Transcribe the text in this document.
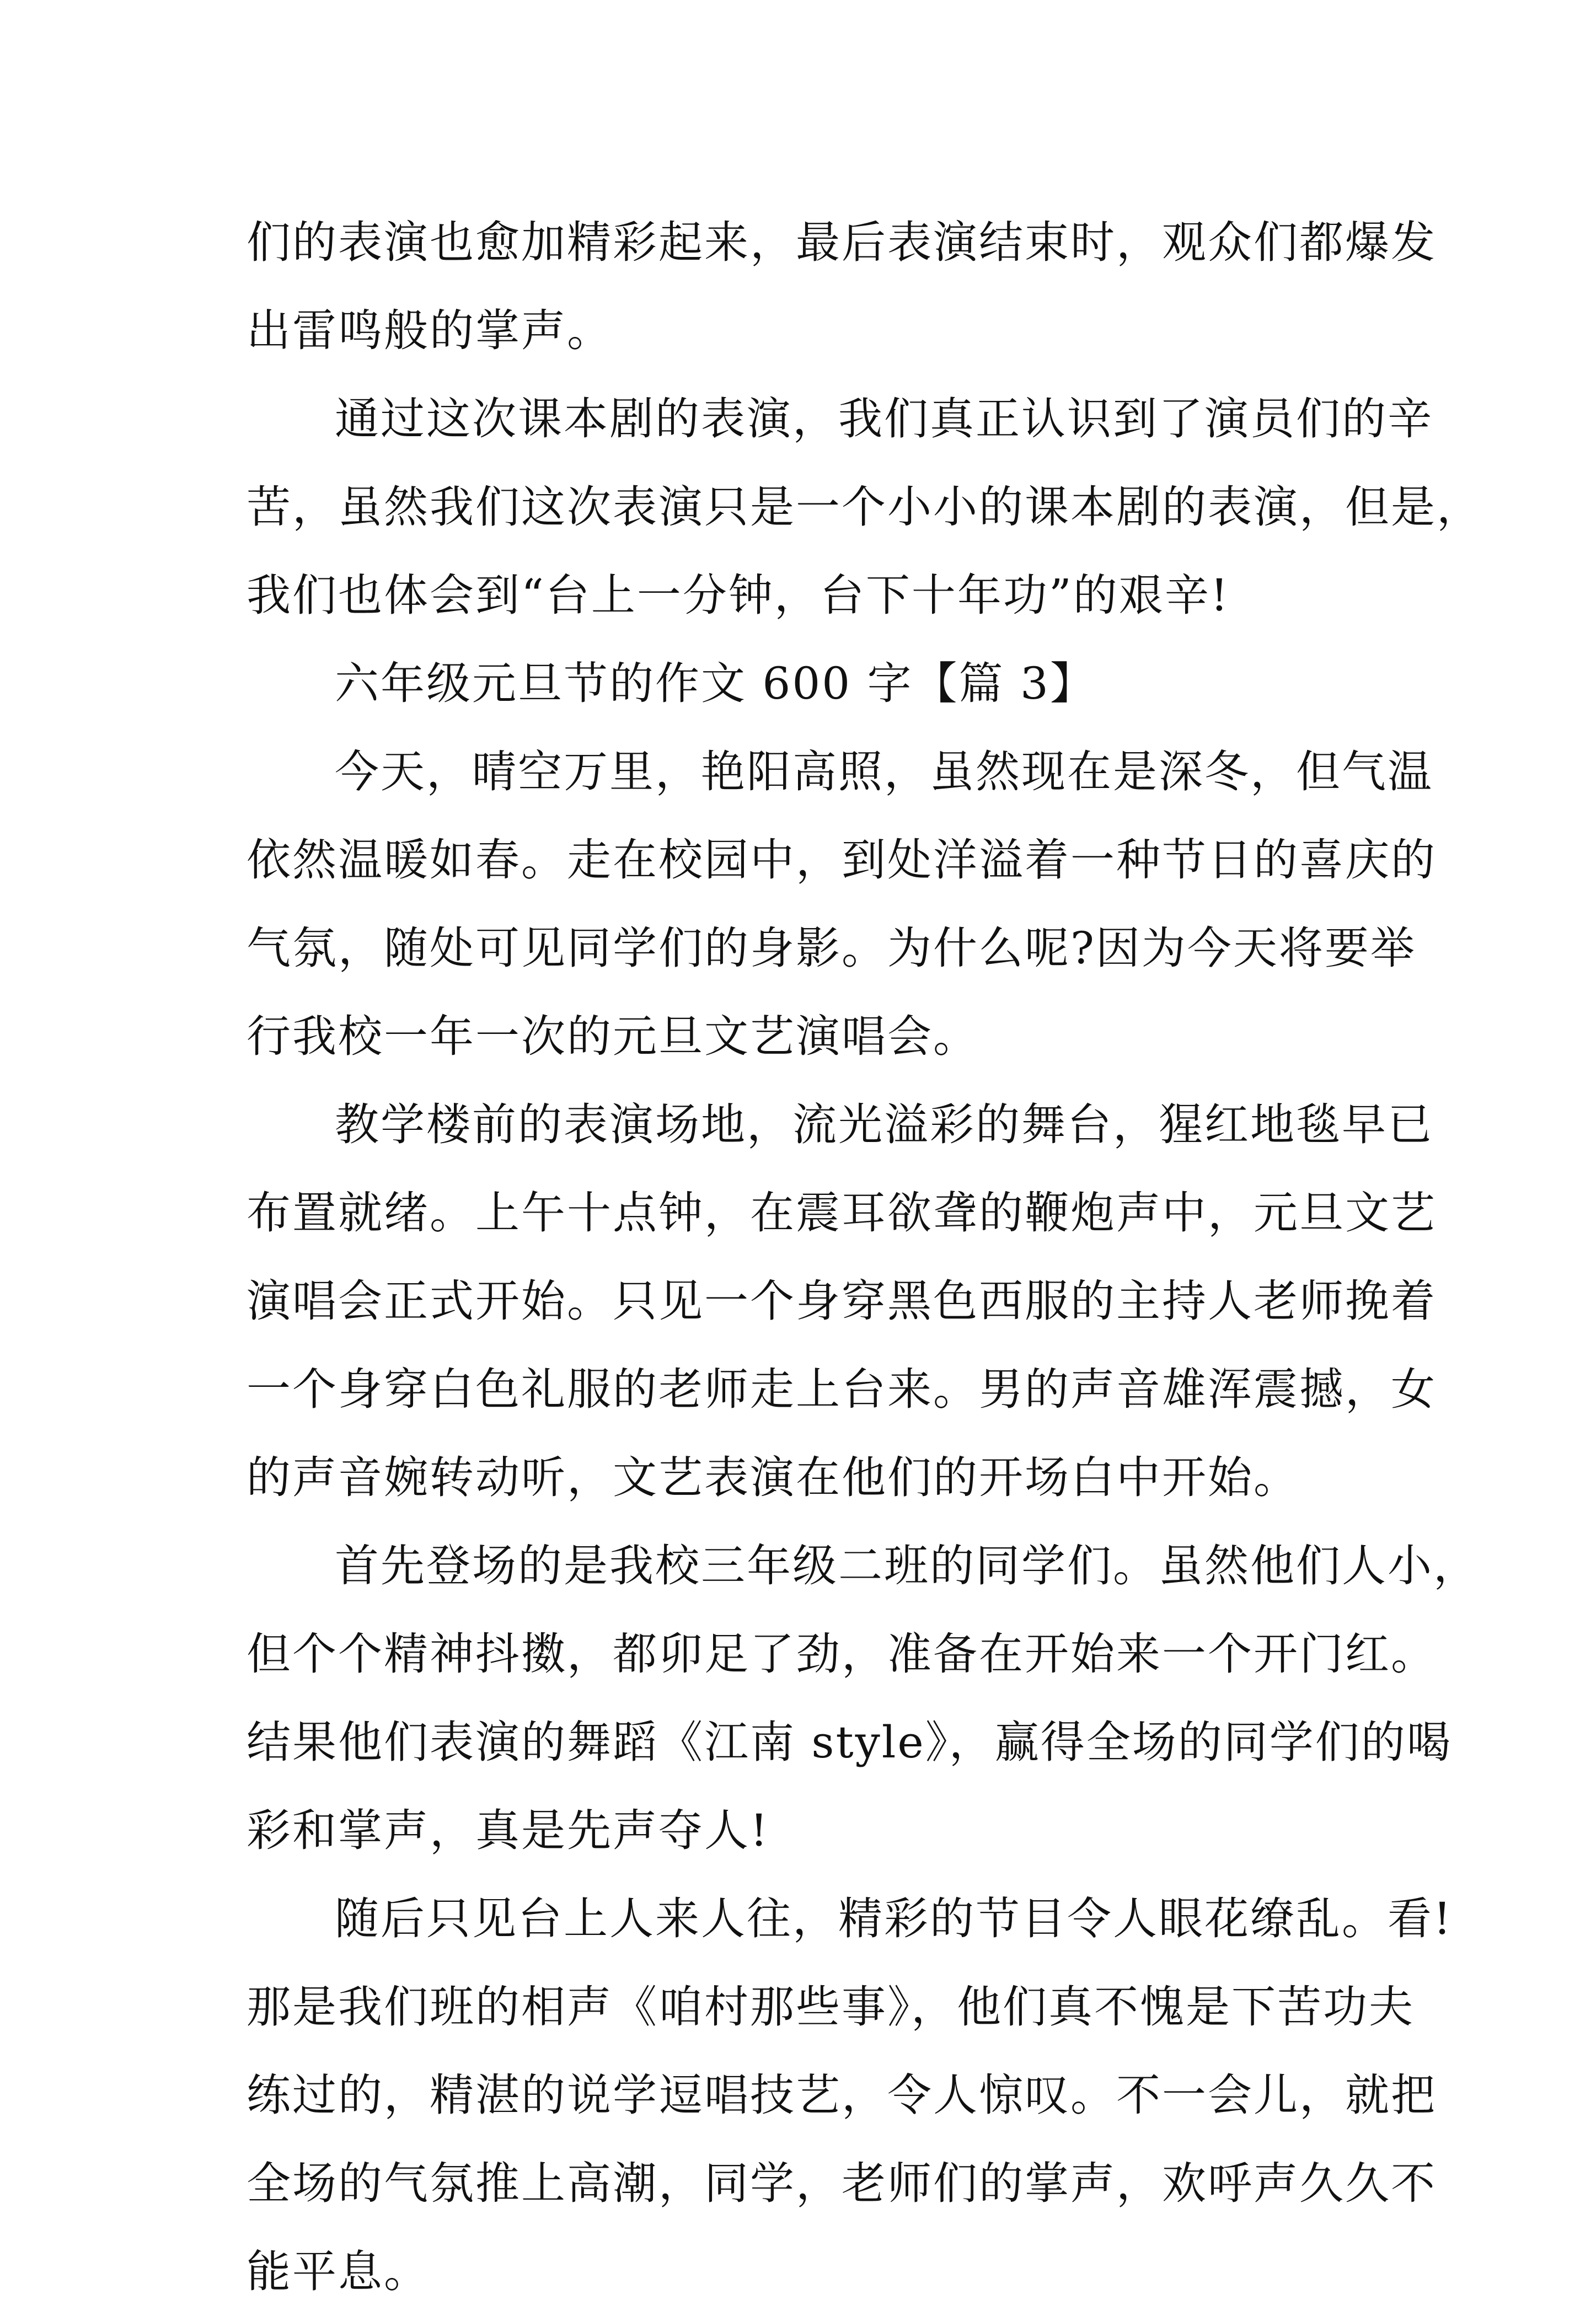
们的表演也愈加精彩起来，最后表演结束时，观众们都爆发
出雷鸣般的掌声。
通过这次课本剧的表演，我们真正认识到了演员们的辛
苦，虽然我们这次表演只是一个小小的课本剧的表演，但是，
我们也体会到“台上一分钟，台下十年功”的艰辛!
六年级元旦节的作文 600 字【篇 3】
今天，晴空万里，艳阳高照，虽然现在是深冬，但气温
依然温暖如春。走在校园中，到处洋溢着一种节日的喜庆的
气氛，随处可见同学们的身影。为什么呢?因为今天将要举
行我校一年一次的元旦文艺演唱会。
教学楼前的表演场地，流光溢彩的舞台，猩红地毯早已
布置就绪。上午十点钟，在震耳欲聋的鞭炮声中，元旦文艺
演唱会正式开始。只见一个身穿黑色西服的主持人老师挽着
一个身穿白色礼服的老师走上台来。男的声音雄浑震撼，女
的声音婉转动听，文艺表演在他们的开场白中开始。
首先登场的是我校三年级二班的同学们。虽然他们人小，
但个个精神抖擞，都卯足了劲，准备在开始来一个开门红。
结果他们表演的舞蹈《江南 style》，赢得全场的同学们的喝
彩和掌声，真是先声夺人!
随后只见台上人来人往，精彩的节目令人眼花缭乱。看!
那是我们班的相声《咱村那些事》，他们真不愧是下苦功夫
练过的，精湛的说学逗唱技艺，令人惊叹。不一会儿，就把
全场的气氛推上高潮，同学，老师们的掌声，欢呼声久久不
能平息。
